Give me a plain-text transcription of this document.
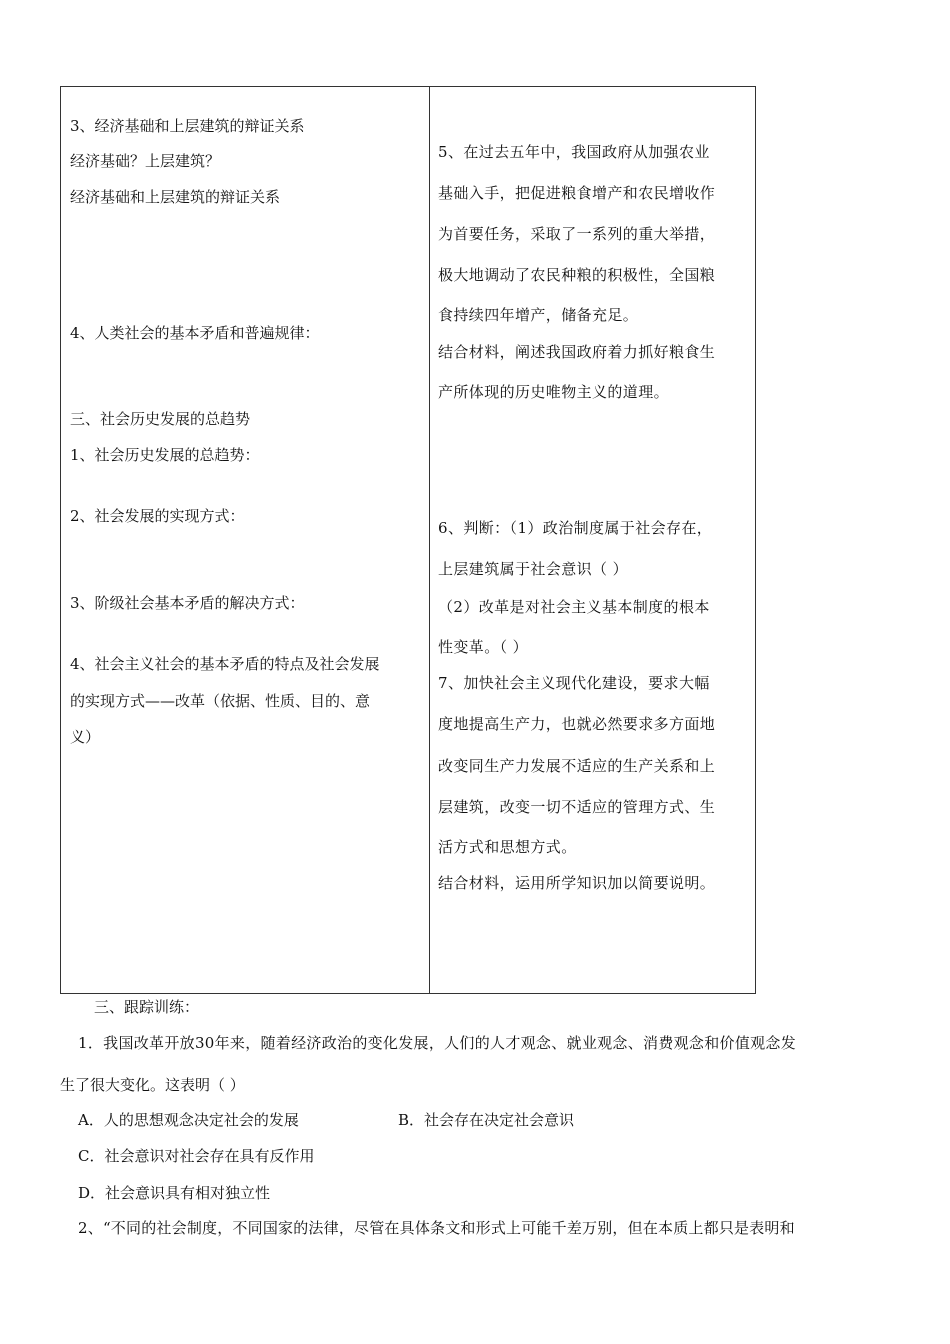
3、经济基础和上层建筑的辩证关系
经济基础？上层建筑？
经济基础和上层建筑的辩证关系
4、人类社会的基本矛盾和普遍规律：
三、社会历史发展的总趋势
1、社会历史发展的总趋势：
2、社会发展的实现方式：
3、阶级社会基本矛盾的解决方式：
4、社会主义社会的基本矛盾的特点及社会发展
的实现方式——改革（依据、性质、目的、意
义）
5、在过去五年中，我国政府从加强农业
基础入手，把促进粮食增产和农民增收作
为首要任务，采取了一系列的重大举措，
极大地调动了农民种粮的积极性，全国粮
食持续四年增产，储备充足。
结合材料，阐述我国政府着力抓好粮食生
产所体现的历史唯物主义的道理。
6、判断：（1）政治制度属于社会存在，
上层建筑属于社会意识（ ）
（2）改革是对社会主义基本制度的根本
性变革。（ ）
7、加快社会主义现代化建设，要求大幅
度地提高生产力，也就必然要求多方面地
改变同生产力发展不适应的生产关系和上
层建筑，改变一切不适应的管理方式、生
活方式和思想方式。
结合材料，运用所学知识加以简要说明。
三、跟踪训练：
1．我国改革开放30年来，随着经济政治的变化发展，人们的人才观念、就业观念、消费观念和价值观念发
生了很大变化。这表明（ ）
A．人的思想观念决定社会的发展	B．社会存在决定社会意识
C．社会意识对社会存在具有反作用
D．社会意识具有相对独立性
2、“不同的社会制度，不同国家的法律，尽管在具体条文和形式上可能千差万别，但在本质上都只是表明和
